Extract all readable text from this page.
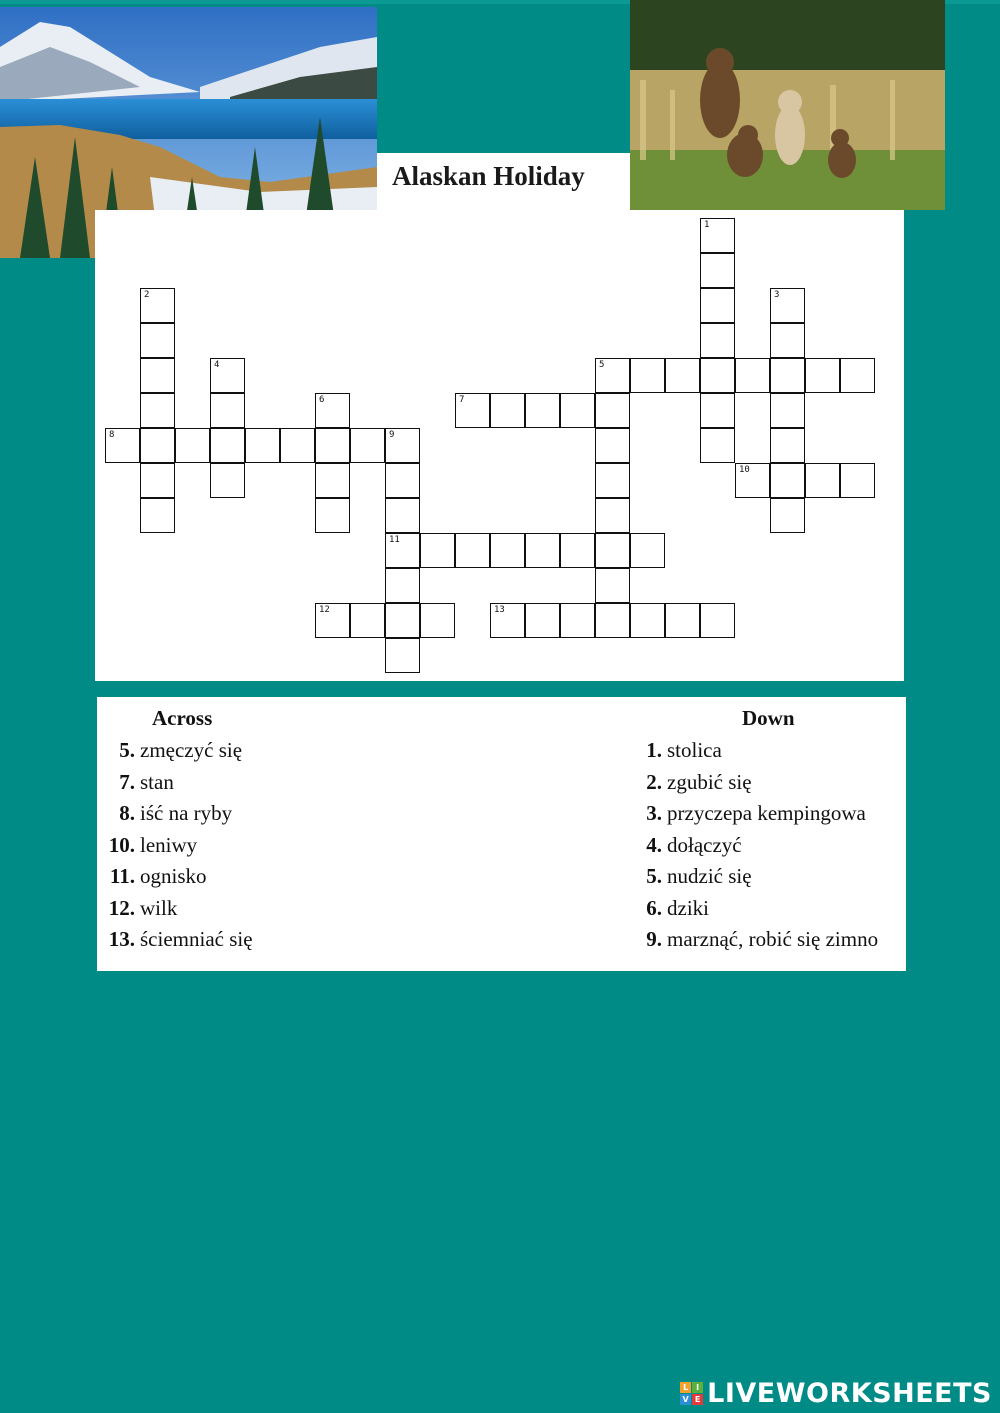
Alaskan Holiday
1
2	3
4	5
6
9
11
7
8
10
12	13
Across	Down
5. zmęczyć się
7. stan
8. iść na ryby
10. leniwy
11. ognisko
12. wilk
13. ściemniać się
1. stolica
2. zgubić się
3. przyczepa kempingowa
4. dołączyć
5. nudzić się
6. dziki
9. marznąć, robić się zimno
L I
V E LIVEWORKSHEETS
